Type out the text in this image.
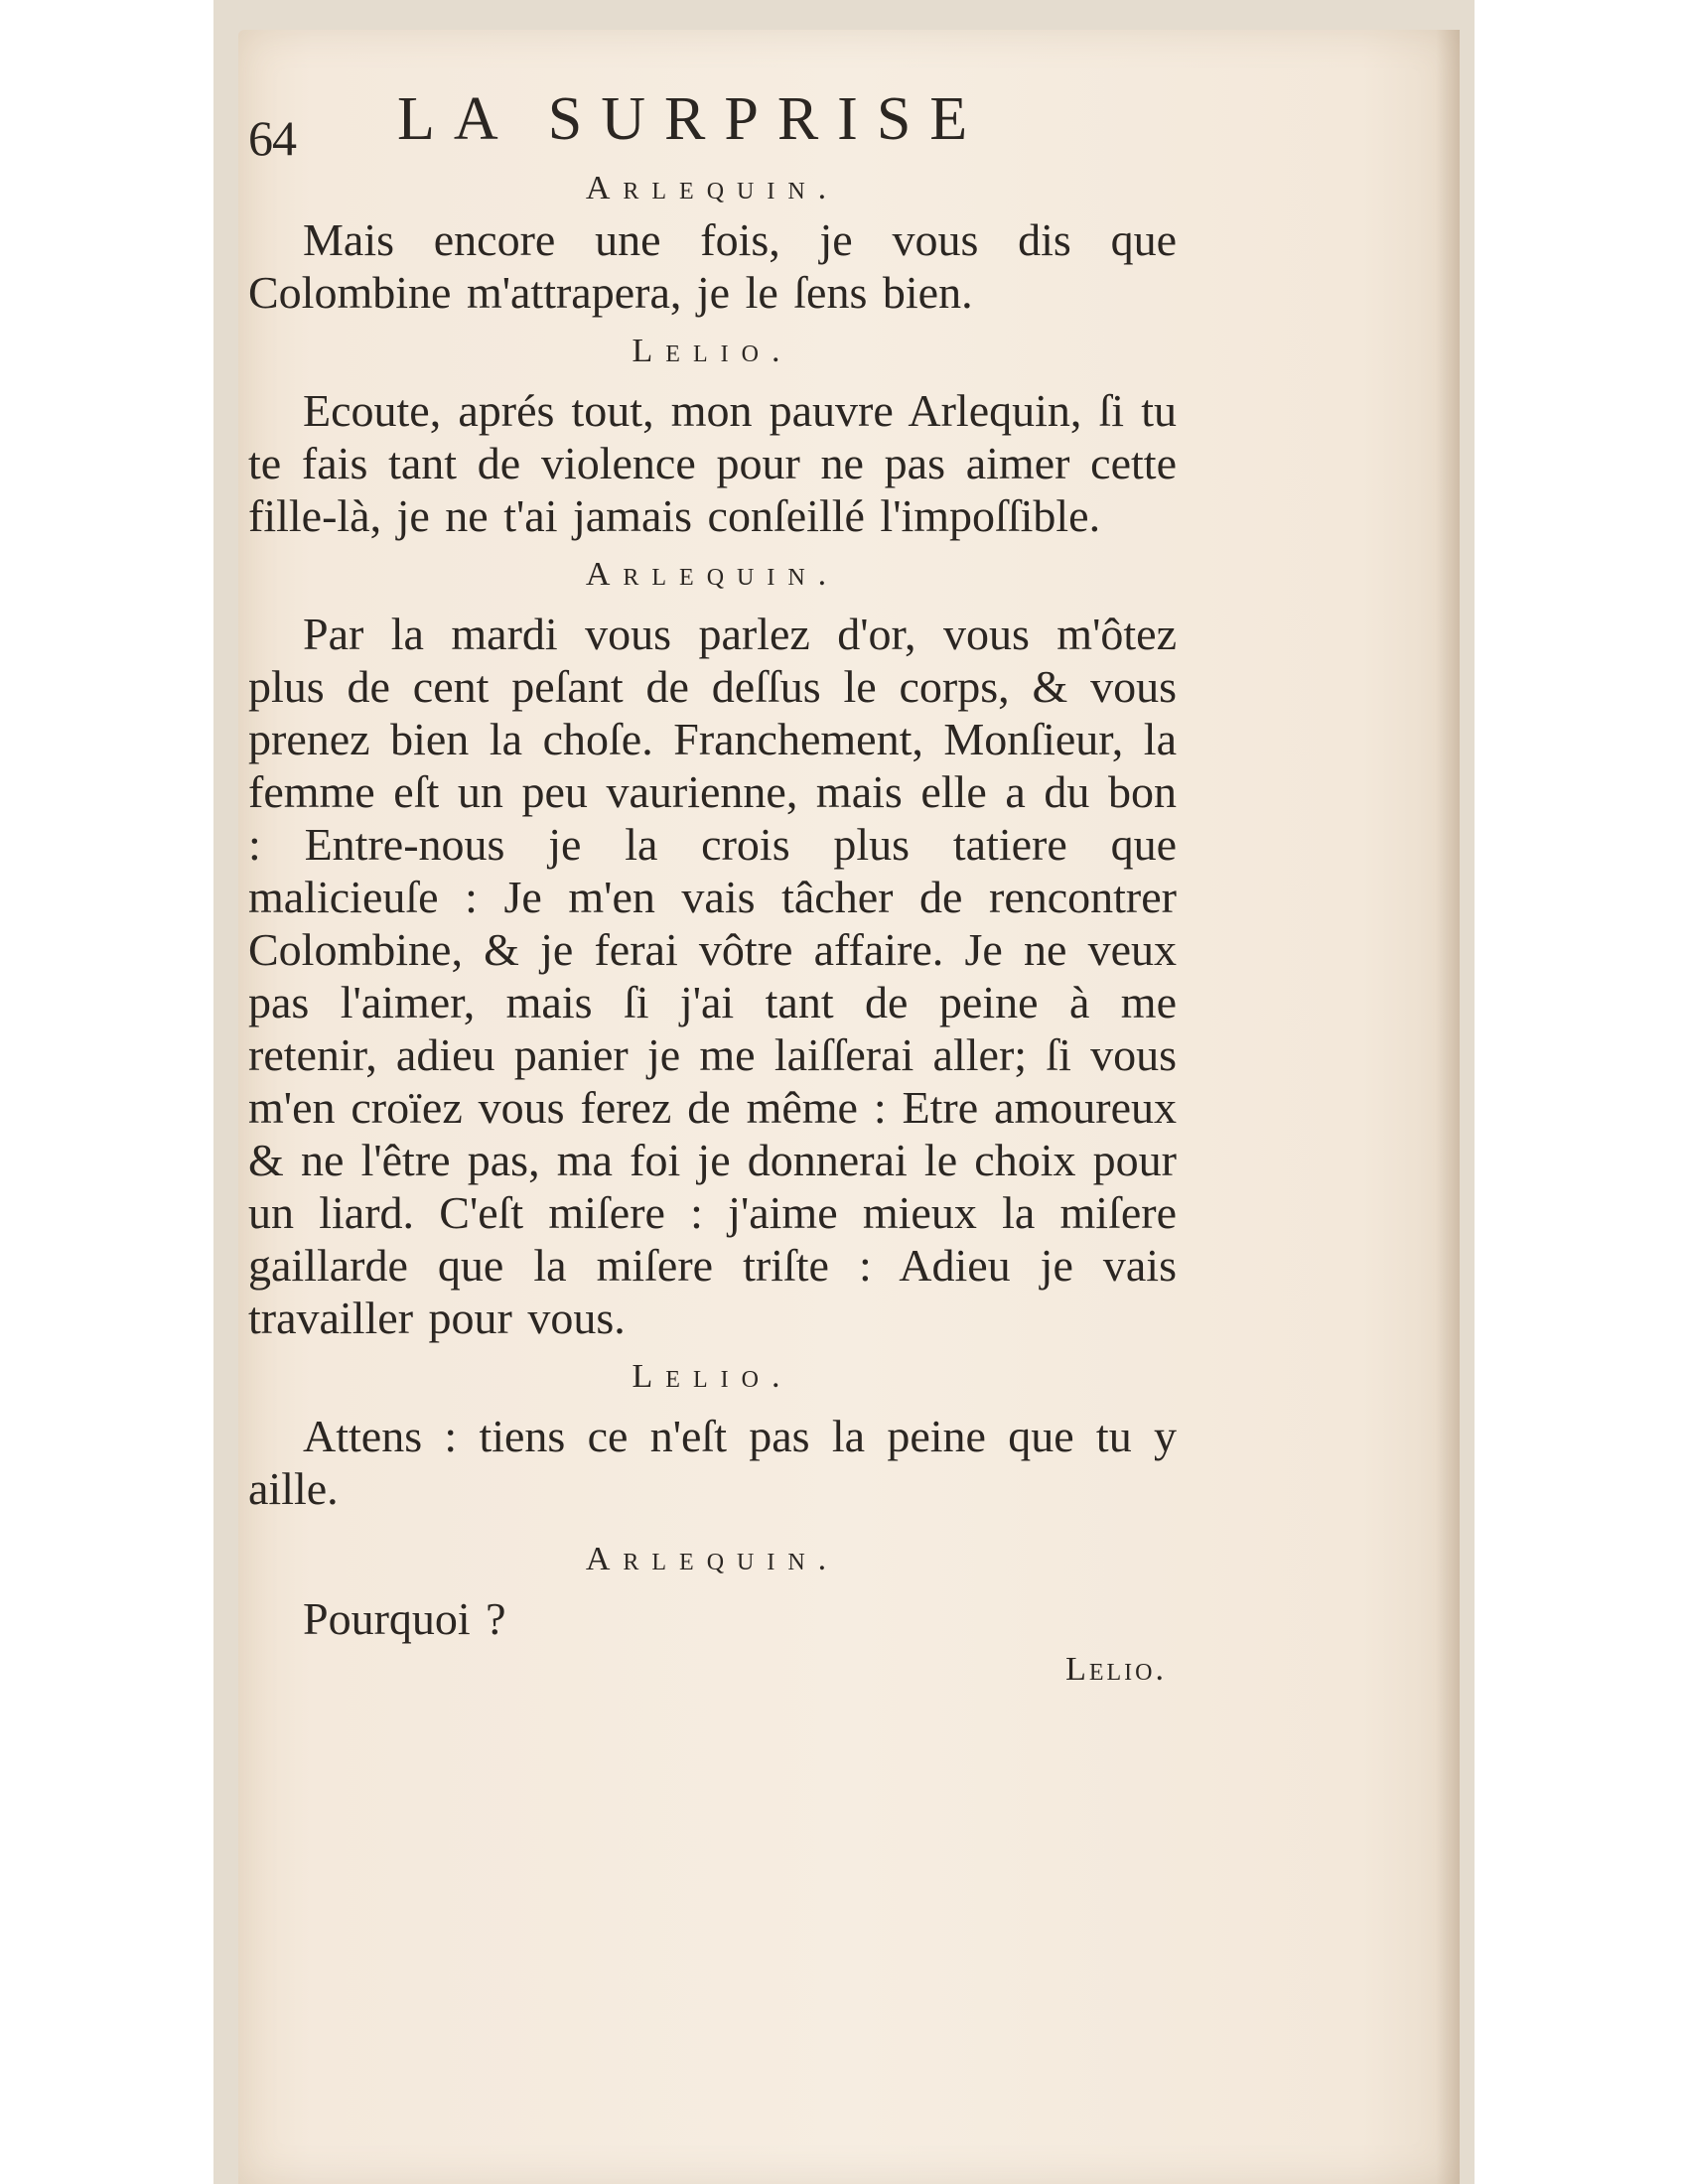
64 LA SURPRISE
Arlequin.

Mais encore une fois, je vous dis que Colombine m'attrapera, je le ſens bien.

Lelio.

Ecoute, aprés tout, mon pauvre Arlequin, ſi tu te fais tant de violence pour ne pas aimer cette fille-là, je ne t'ai jamais conſeillé l'impoſſible.

Arlequin.

Par la mardi vous parlez d'or, vous m'ôtez plus de cent peſant de deſſus le corps, & vous prenez bien la choſe. Franchement, Monſieur, la femme eſt un peu vaurienne, mais elle a du bon : Entre-nous je la crois plus tatiere que malicieuſe : Je m'en vais tâcher de rencontrer Colombine, & je ferai vôtre affaire. Je ne veux pas l'aimer, mais ſi j'ai tant de peine à me retenir, adieu panier je me laiſſerai aller; ſi vous m'en croïez vous ferez de même : Etre amoureux & ne l'être pas, ma foi je donnerai le choix pour un liard. C'eſt miſere : j'aime mieux la miſere gaillarde que la miſere triſte : Adieu je vais travailler pour vous.

Lelio.

Attens : tiens ce n'eſt pas la peine que tu y aille.

Arlequin.

Pourquoi ?

Lelio.
